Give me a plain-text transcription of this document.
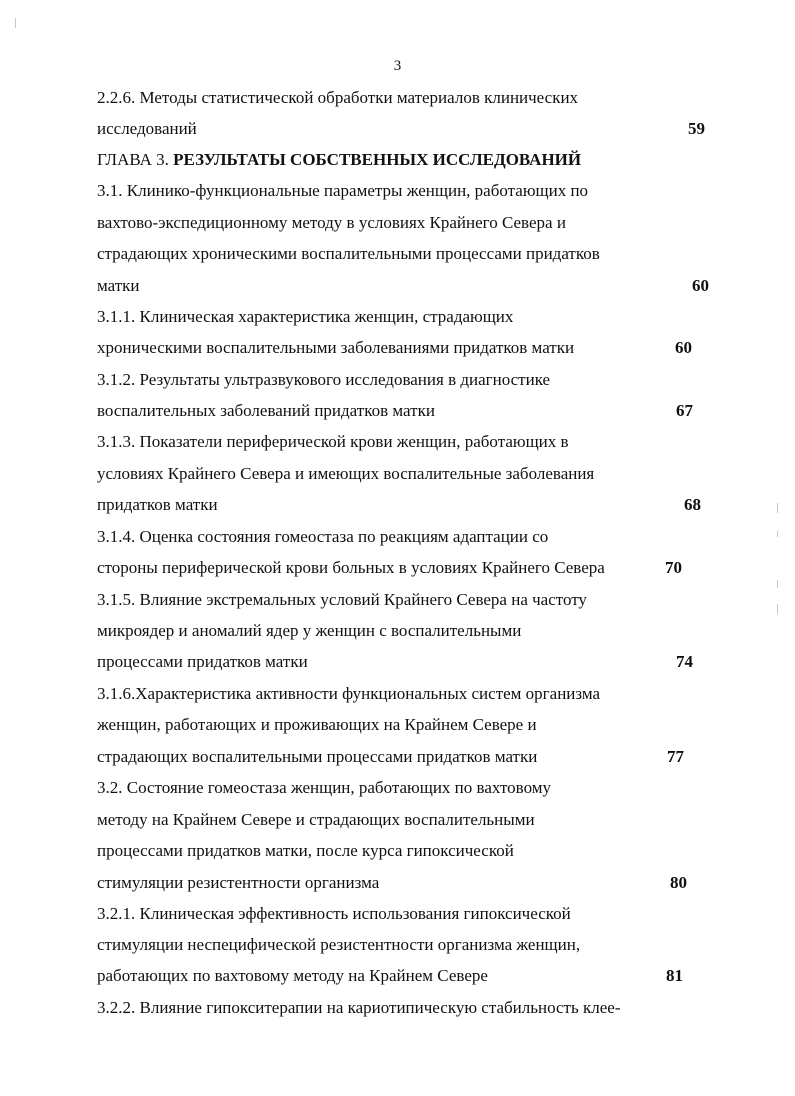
3
2.2.6. Методы статистической обработки материалов клинических
исследований	59
ГЛАВА 3. РЕЗУЛЬТАТЫ СОБСТВЕННЫХ ИССЛЕДОВАНИЙ
3.1. Клинико-функциональные параметры женщин, работающих по
вахтово-экспедиционному методу в условиях Крайнего Севера и
страдающих хроническими воспалительными процессами придатков
матки	60
3.1.1. Клиническая характеристика женщин, страдающих
хроническими воспалительными заболеваниями придатков матки	60
3.1.2. Результаты ультразвукового исследования в диагностике
воспалительных заболеваний придатков матки	67
3.1.3. Показатели периферической крови женщин, работающих в
условиях Крайнего Севера и имеющих воспалительные заболевания
придатков матки	68
3.1.4. Оценка состояния гомеостаза по реакциям адаптации со
стороны периферической крови больных в условиях Крайнего Севера	70
3.1.5. Влияние экстремальных условий Крайнего Севера на частоту
микроядер и аномалий ядер у женщин с воспалительными
процессами придатков матки	74
3.1.6.Характеристика активности функциональных систем организма
женщин, работающих и проживающих на Крайнем Севере и
страдающих воспалительными процессами придатков матки	77
3.2. Состояние гомеостаза женщин, работающих по вахтовому
методу на Крайнем Севере и страдающих воспалительными
процессами придатков матки, после курса гипоксической
стимуляции резистентности организма	80
3.2.1. Клиническая эффективность использования гипоксической
стимуляции неспецифической резистентности организма женщин,
работающих по вахтовому методу на Крайнем Севере	81
3.2.2. Влияние гипокситерапии на кариотипическую стабильность клее-
